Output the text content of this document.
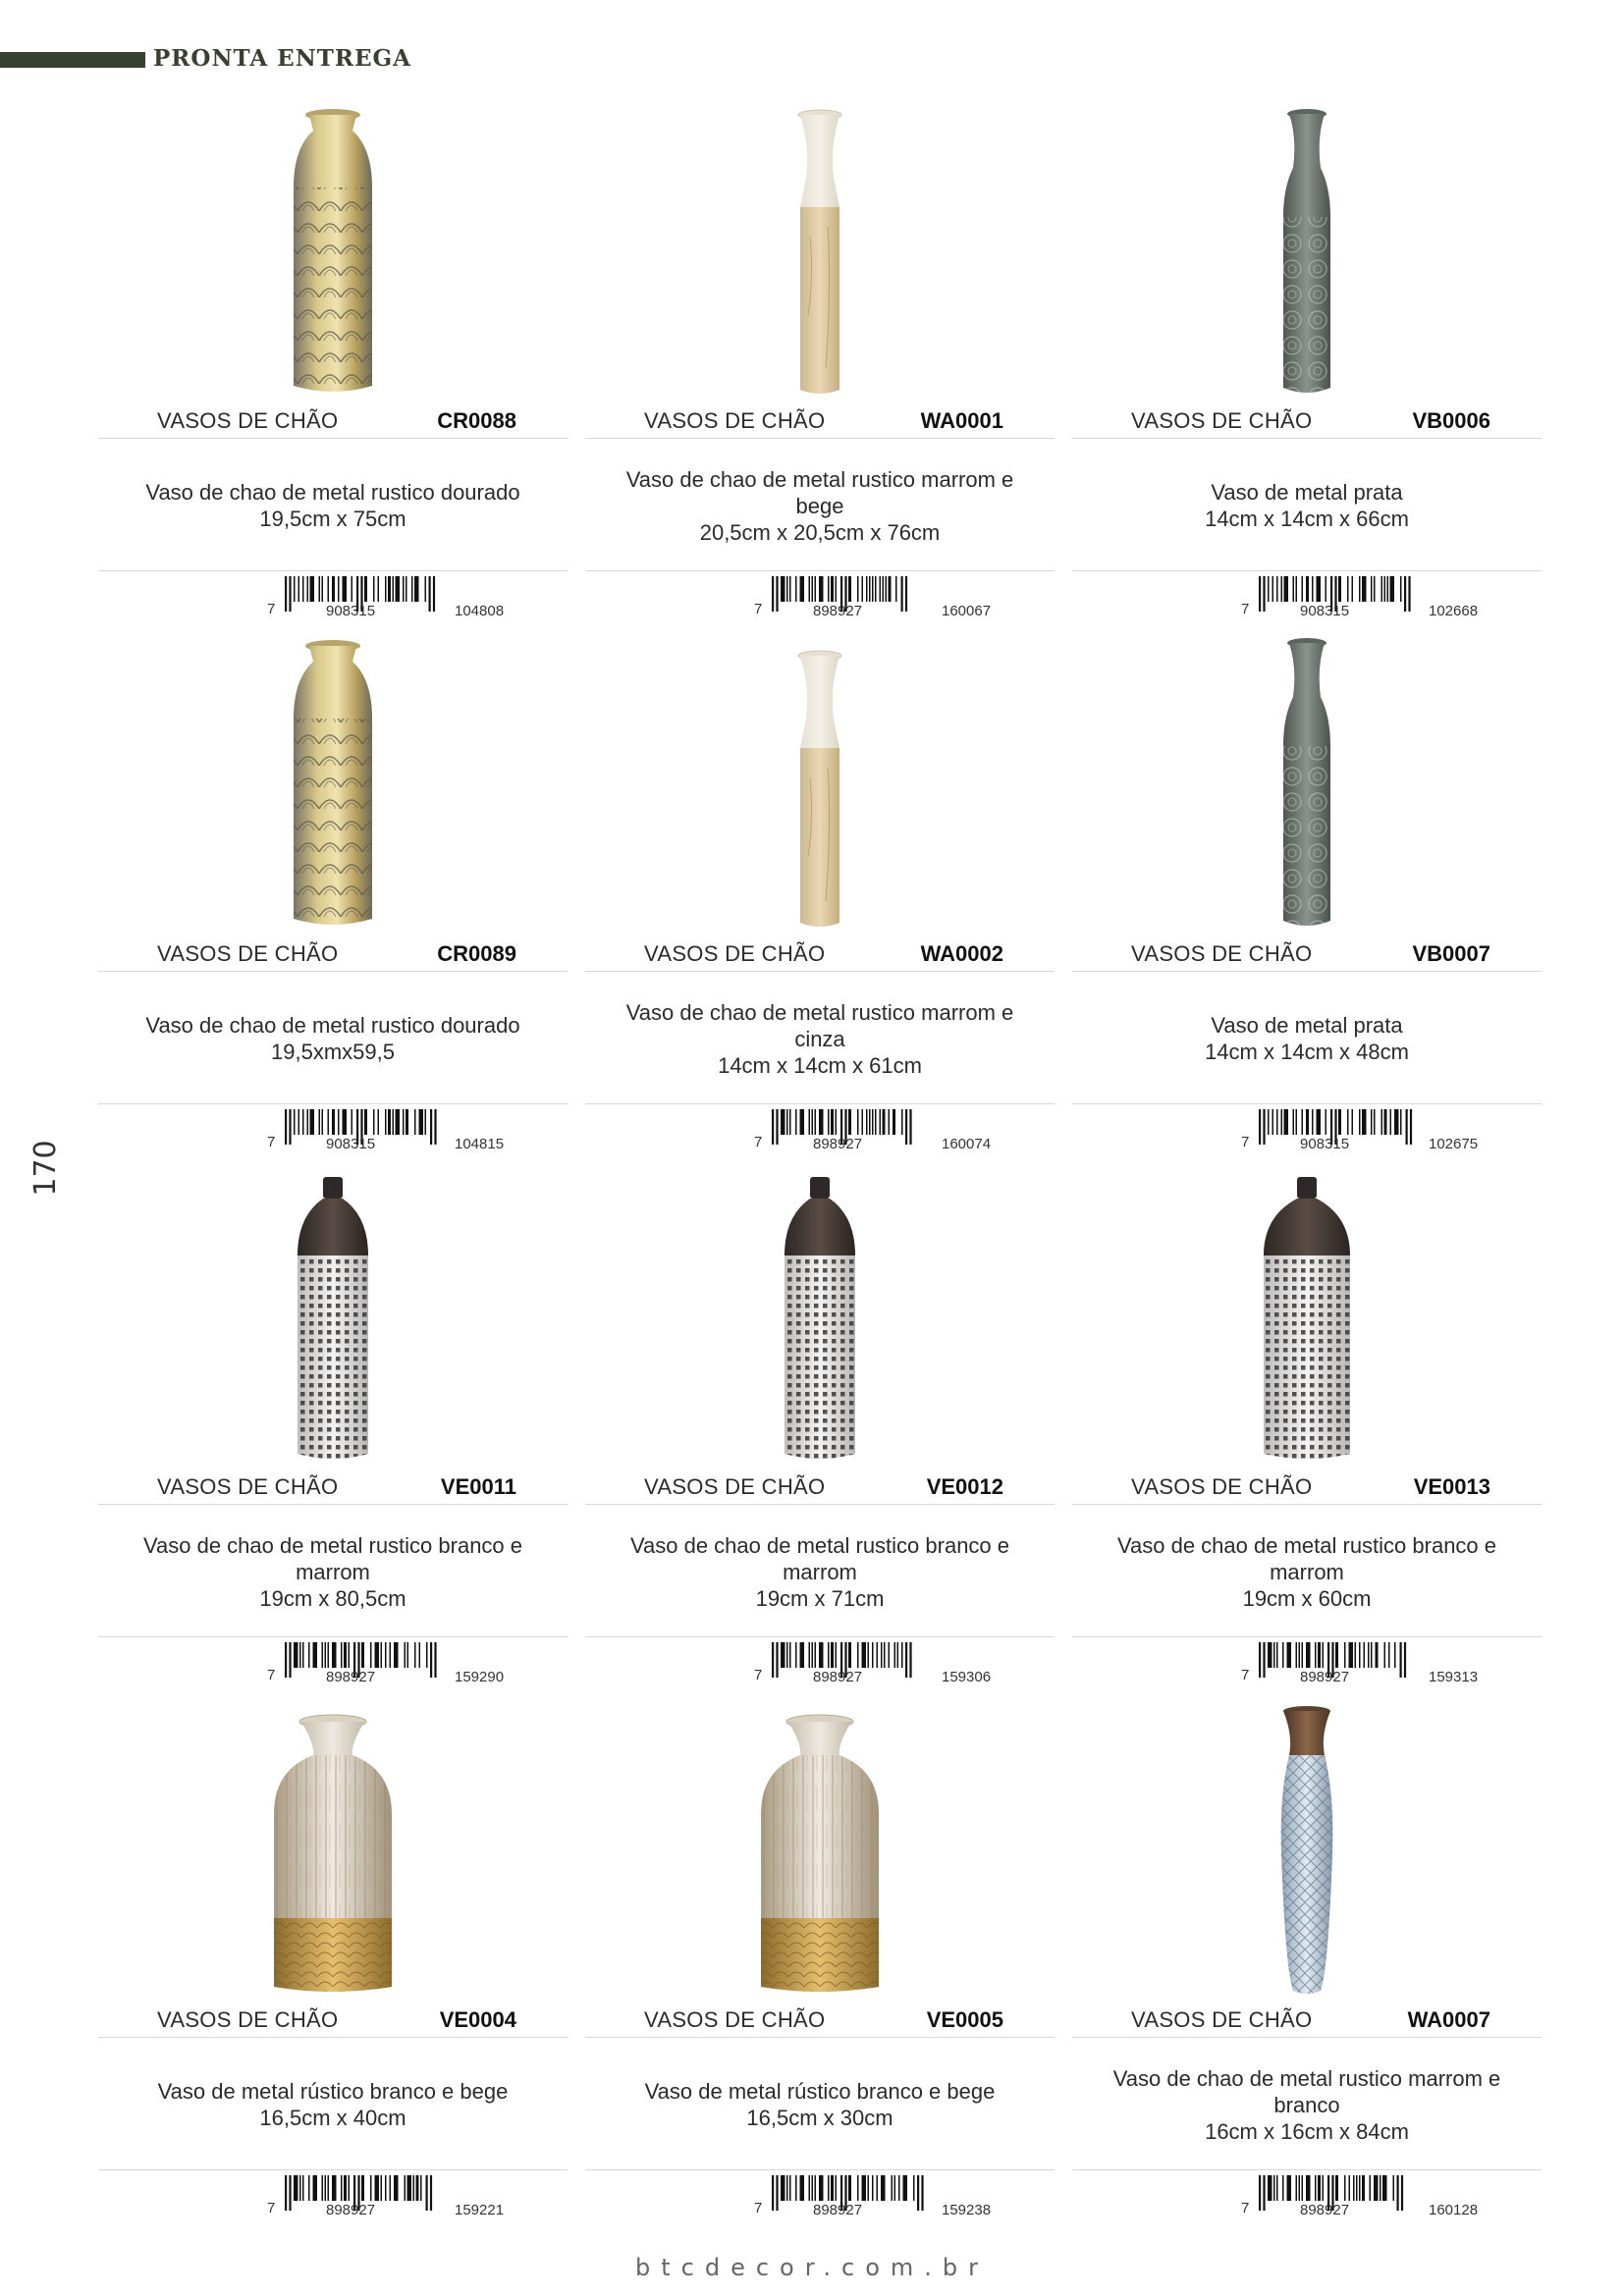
PRONTA ENTREGA
170
VASOS DE CHÃO	CR0088
Vaso de chao de metal rustico dourado
19,5cm x 75cm
7	908315	104808
VASOS DE CHÃO	WA0001
Vaso de chao de metal rustico marrom e
bege
20,5cm x 20,5cm x 76cm
7	898927	160067
VASOS DE CHÃO	VB0006
Vaso de metal prata
14cm x 14cm x 66cm
7	908315	102668
VASOS DE CHÃO	CR0089
Vaso de chao de metal rustico dourado
19,5xmx59,5
7	908315	104815
VASOS DE CHÃO	WA0002
Vaso de chao de metal rustico marrom e
cinza
14cm x 14cm x 61cm
7	898927	160074
VASOS DE CHÃO	VB0007
Vaso de metal prata
14cm x 14cm x 48cm
7	908315	102675
VASOS DE CHÃO	VE0011
Vaso de chao de metal rustico branco e
marrom
19cm x 80,5cm
7	898927	159290
VASOS DE CHÃO	VE0012
Vaso de chao de metal rustico branco e
marrom
19cm x 71cm
7	898927	159306
VASOS DE CHÃO	VE0013
Vaso de chao de metal rustico branco e
marrom
19cm x 60cm
7	898927	159313
VASOS DE CHÃO	VE0004
Vaso de metal rústico branco e bege
16,5cm x 40cm
7	898927	159221
VASOS DE CHÃO	VE0005
Vaso de metal rústico branco e bege
16,5cm x 30cm
7	898927	159238
VASOS DE CHÃO	WA0007
Vaso de chao de metal rustico marrom e
branco
16cm x 16cm x 84cm
7	898927	160128
btcdecor.com.br
